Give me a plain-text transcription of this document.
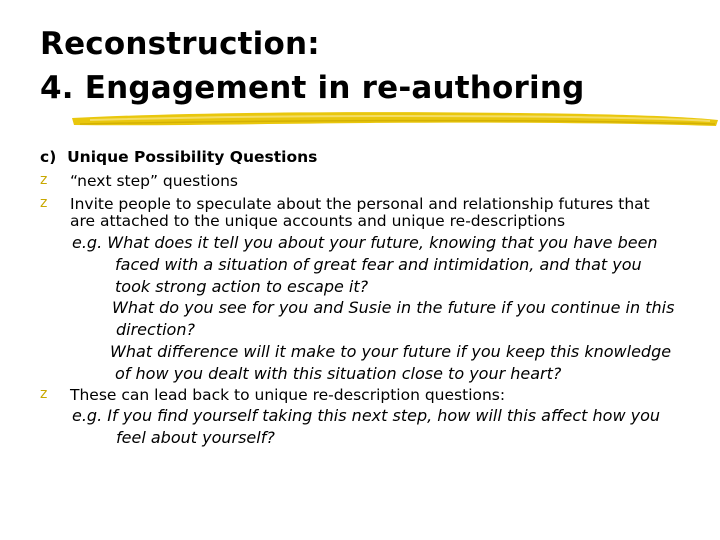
Reconstruction:
4. Engagement in re-authoring
c) Unique Possibility Questions
z “next step” questions
z Invite people to speculate about the personal and relationship futures that
are attached to the unique accounts and unique re-descriptions
e.g. What does it tell you about your future, knowing that you have been
faced with a situation of great fear and intimidation, and that you
took strong action to escape it?
What do you see for you and Susie in the future if you continue in this
direction?
What difference will it make to your future if you keep this knowledge
of how you dealt with this situation close to your heart?
z These can lead back to unique re-description questions:
e.g. If you find yourself taking this next step, how will this affect how you
feel about yourself?
